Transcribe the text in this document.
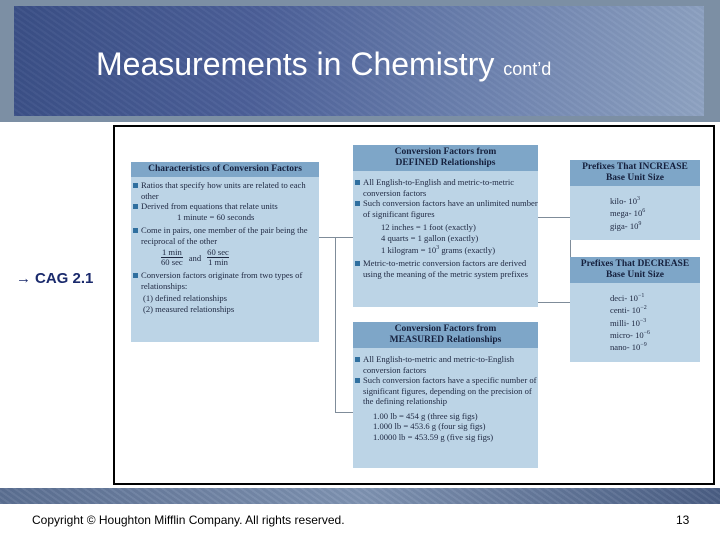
Measurements in Chemistry cont’d
→ CAG 2.1
Characteristics of Conversion Factors
Ratios that specify how units are related to each other
Derived from equations that relate units
1 minute = 60 seconds
Come in pairs, one member of the pair being the reciprocal of the other
1 min
60 sec and
60 sec
1 min
Conversion factors originate from two types of relationships:
(1) defined relationships
(2) measured relationships
Conversion Factors from
DEFINED Relationships
All English-to-English and metric-to-metric conversion factors
Such conversion factors have an unlimited number of significant figures
12 inches = 1 foot (exactly)
4 quarts = 1 gallon (exactly)
1 kilogram = $10^3$ grams (exactly)
Metric-to-metric conversion factors are derived using the meaning of the metric system prefixes
Conversion Factors from
MEASURED Relationships
All English-to-metric and metric-to-English conversion factors
Such conversion factors have a specific number of significant figures, depending on the precision of the defining relationship
1.00 lb = 454 g (three sig figs)
1.000 lb = 453.6 g (four sig figs)
1.0000 lb = 453.59 g (five sig figs)
Prefixes That INCREASE
Base Unit Size
kilo- $10^3$
mega- $10^6$
giga- $10^9$
Prefixes That DECREASE
Base Unit Size
deci- $10^{-1}$
centi- $10^{-2}$
milli- $10^{-3}$
micro- $10^{-6}$
nano- $10^{-9}$
Copyright © Houghton Mifflin Company. All rights reserved.	13
